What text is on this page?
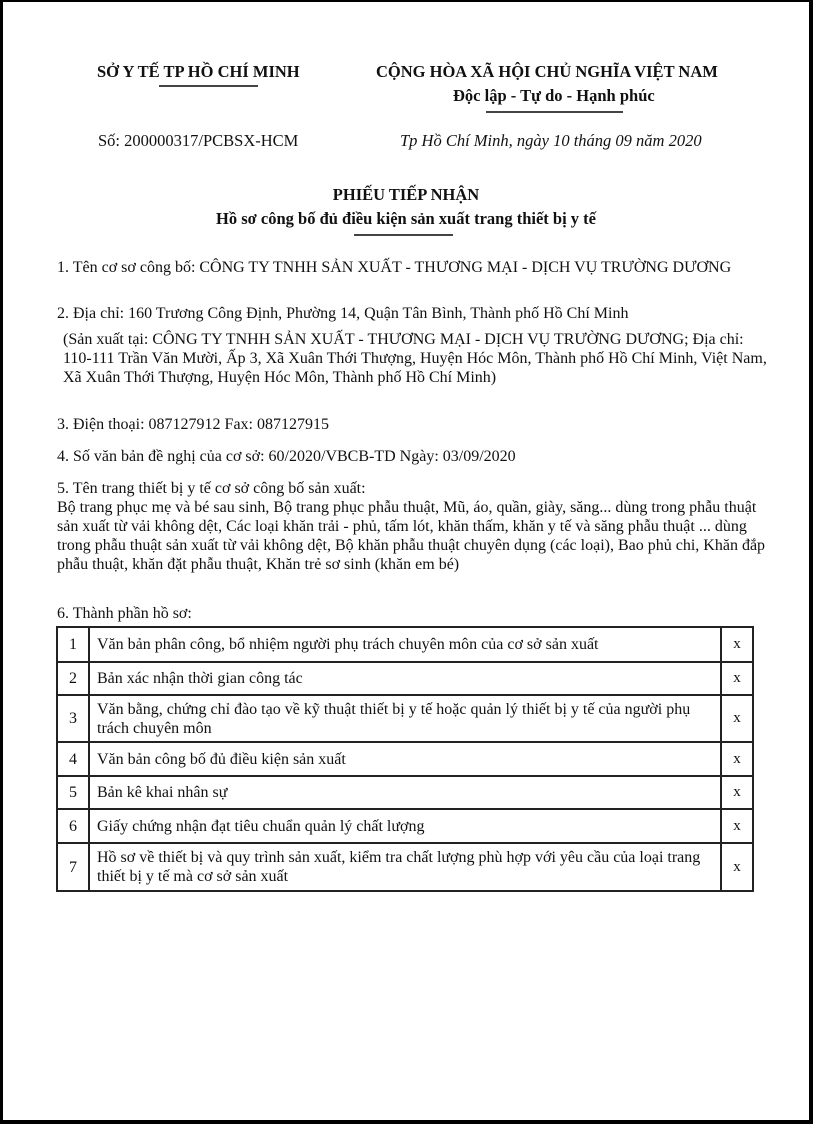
SỞ Y TẾ TP HỒ CHÍ MINH	CỘNG HÒA XÃ HỘI CHỦ NGHĨA VIỆT NAM
Độc lập - Tự do - Hạnh phúc
Số: 200000317/PCBSX-HCM	Tp Hồ Chí Minh, ngày 10 tháng 09 năm 2020
PHIẾU TIẾP NHẬN
Hồ sơ công bố đủ điều kiện sản xuất trang thiết bị y tế
1. Tên cơ sơ công bố: CÔNG TY TNHH SẢN XUẤT - THƯƠNG MẠI - DỊCH VỤ TRƯỜNG DƯƠNG
2. Địa chỉ: 160 Trương Công Định, Phường 14, Quận Tân Bình, Thành phố Hồ Chí Minh
(Sản xuất tại: CÔNG TY TNHH SẢN XUẤT - THƯƠNG MẠI - DỊCH VỤ TRƯỜNG DƯƠNG; Địa chỉ: 110-111 Trần Văn Mười, Ấp 3, Xã Xuân Thới Thượng, Huyện Hóc Môn, Thành phố Hồ Chí Minh, Việt Nam, Xã Xuân Thới Thượng, Huyện Hóc Môn, Thành phố Hồ Chí Minh)
3. Điện thoại: 087127912 Fax: 087127915
4. Số văn bản đề nghị của cơ sở: 60/2020/VBCB-TD Ngày: 03/09/2020
5. Tên trang thiết bị y tế cơ sở công bố sản xuất:
Bộ trang phục mẹ và bé sau sinh, Bộ trang phục phẫu thuật, Mũ, áo, quần, giày, săng... dùng trong phẫu thuật sản xuất từ vải không dệt, Các loại khăn trải - phủ, tấm lót, khăn thấm, khăn y tế và săng phẫu thuật ... dùng trong phẫu thuật sản xuất từ vải không dệt, Bộ khăn phẫu thuật chuyên dụng (các loại), Bao phủ chi, Khăn đắp phẫu thuật, khăn đặt phẫu thuật, Khăn trẻ sơ sinh (khăn em bé)
6. Thành phần hồ sơ:
1	Văn bản phân công, bổ nhiệm người phụ trách chuyên môn của cơ sở sản xuất	x
2	Bản xác nhận thời gian công tác	x
3	Văn bằng, chứng chỉ đào tạo về kỹ thuật thiết bị y tế hoặc quản lý thiết bị y tế của người phụ trách chuyên môn	x
4	Văn bản công bố đủ điều kiện sản xuất	x
5	Bản kê khai nhân sự	x
6	Giấy chứng nhận đạt tiêu chuẩn quản lý chất lượng	x
7	Hồ sơ về thiết bị và quy trình sản xuất, kiểm tra chất lượng phù hợp với yêu cầu của loại trang thiết bị y tế mà cơ sở sản xuất	x
